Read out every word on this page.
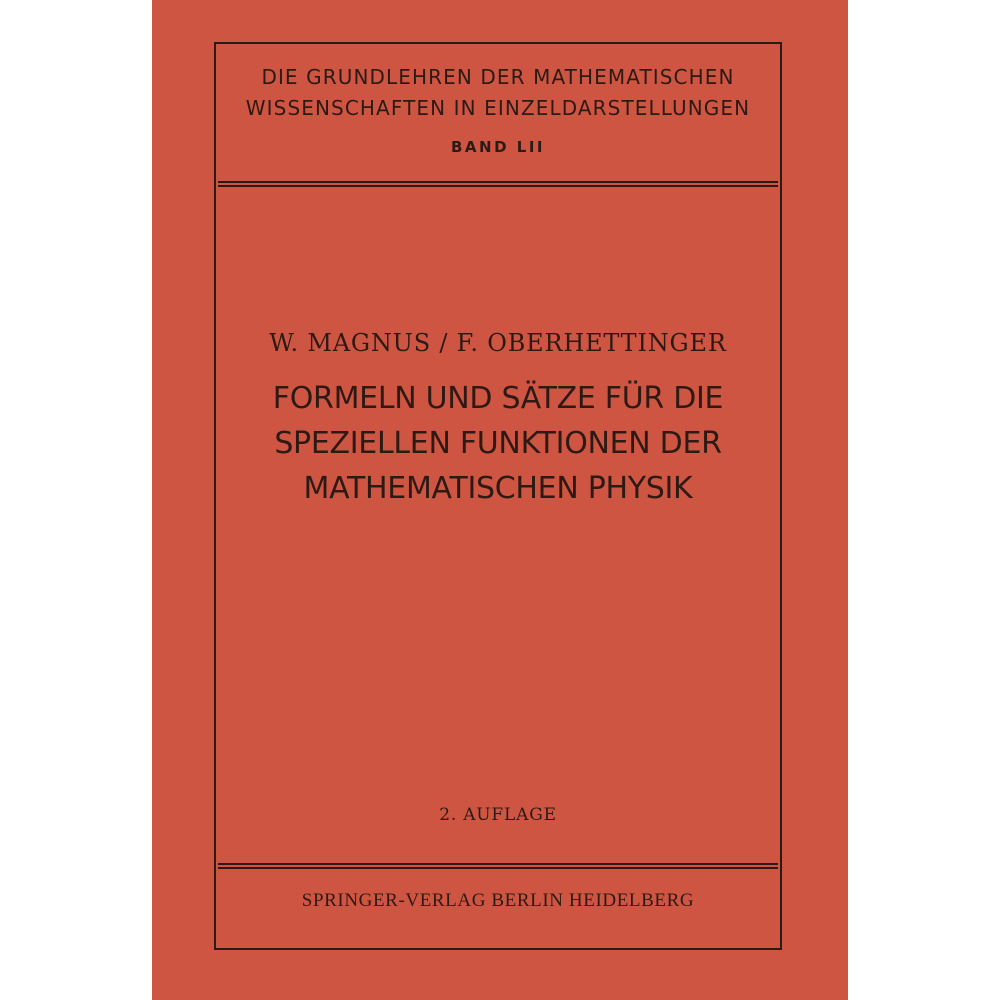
DIE GRUNDLEHREN DER MATHEMATISCHEN
WISSENSCHAFTEN IN EINZELDARSTELLUNGEN
BAND LII
W. MAGNUS / F. OBERHETTINGER
FORMELN UND SÄTZE FÜR DIE
SPEZIELLEN FUNKTIONEN DER
MATHEMATISCHEN PHYSIK
2. AUFLAGE
SPRINGER-VERLAG BERLIN HEIDELBERG
